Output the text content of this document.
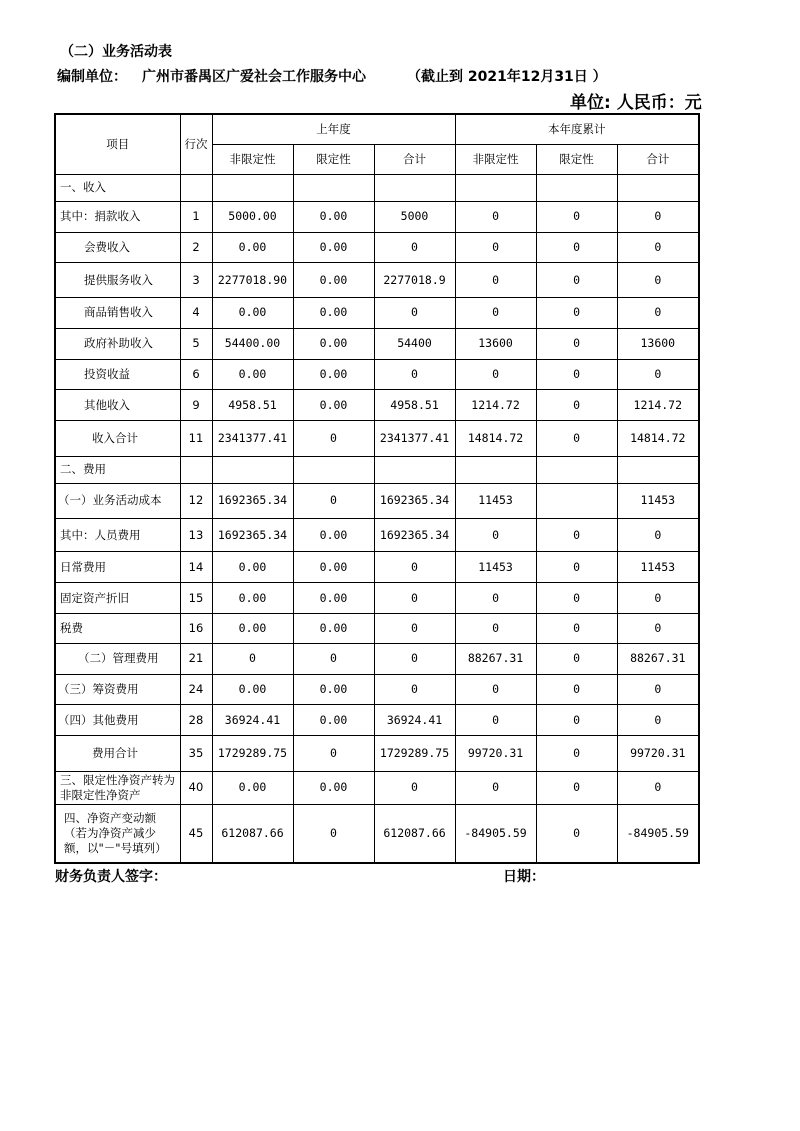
（二）业务活动表
编制单位： 广州市番禺区广爱社会工作服务中心	（截止到 2021年12月31日 ）
单位: 人民币：元
项目	行次	上年度			本年度累计		
		非限定性	限定性	合计	非限定性	限定性	合计
一、收入							
其中：捐款收入	1	5000.00	0.00	5000	0	0	0
会费收入	2	0.00	0.00	0	0	0	0
提供服务收入	3	2277018.90	0.00	2277018.9	0	0	0
商品销售收入	4	0.00	0.00	0	0	0	0
政府补助收入	5	54400.00	0.00	54400	13600	0	13600
投资收益	6	0.00	0.00	0	0	0	0
其他收入	9	4958.51	0.00	4958.51	1214.72	0	1214.72
收入合计	11	2341377.41	0	2341377.41	14814.72	0	14814.72
二、费用							
（一）业务活动成本	12	1692365.34	0	1692365.34	11453		11453
其中：人员费用	13	1692365.34	0.00	1692365.34	0	0	0
日常费用	14	0.00	0.00	0	11453	0	11453
固定资产折旧	15	0.00	0.00	0	0	0	0
税费	16	0.00	0.00	0	0	0	0
（二）管理费用	21	0	0	0	88267.31	0	88267.31
（三）筹资费用	24	0.00	0.00	0	0	0	0
（四）其他费用	28	36924.41	0.00	36924.41	0	0	0
费用合计	35	1729289.75	0	1729289.75	99720.31	0	99720.31
三、限定性净资产转为非限定性净资产	40	0.00	0.00	0	0	0	0
四、净资产变动额（若为净资产减少额，以"－"号填列）	45	612087.66	0	612087.66	-84905.59	0	-84905.59
财务负责人签字：	日期：
